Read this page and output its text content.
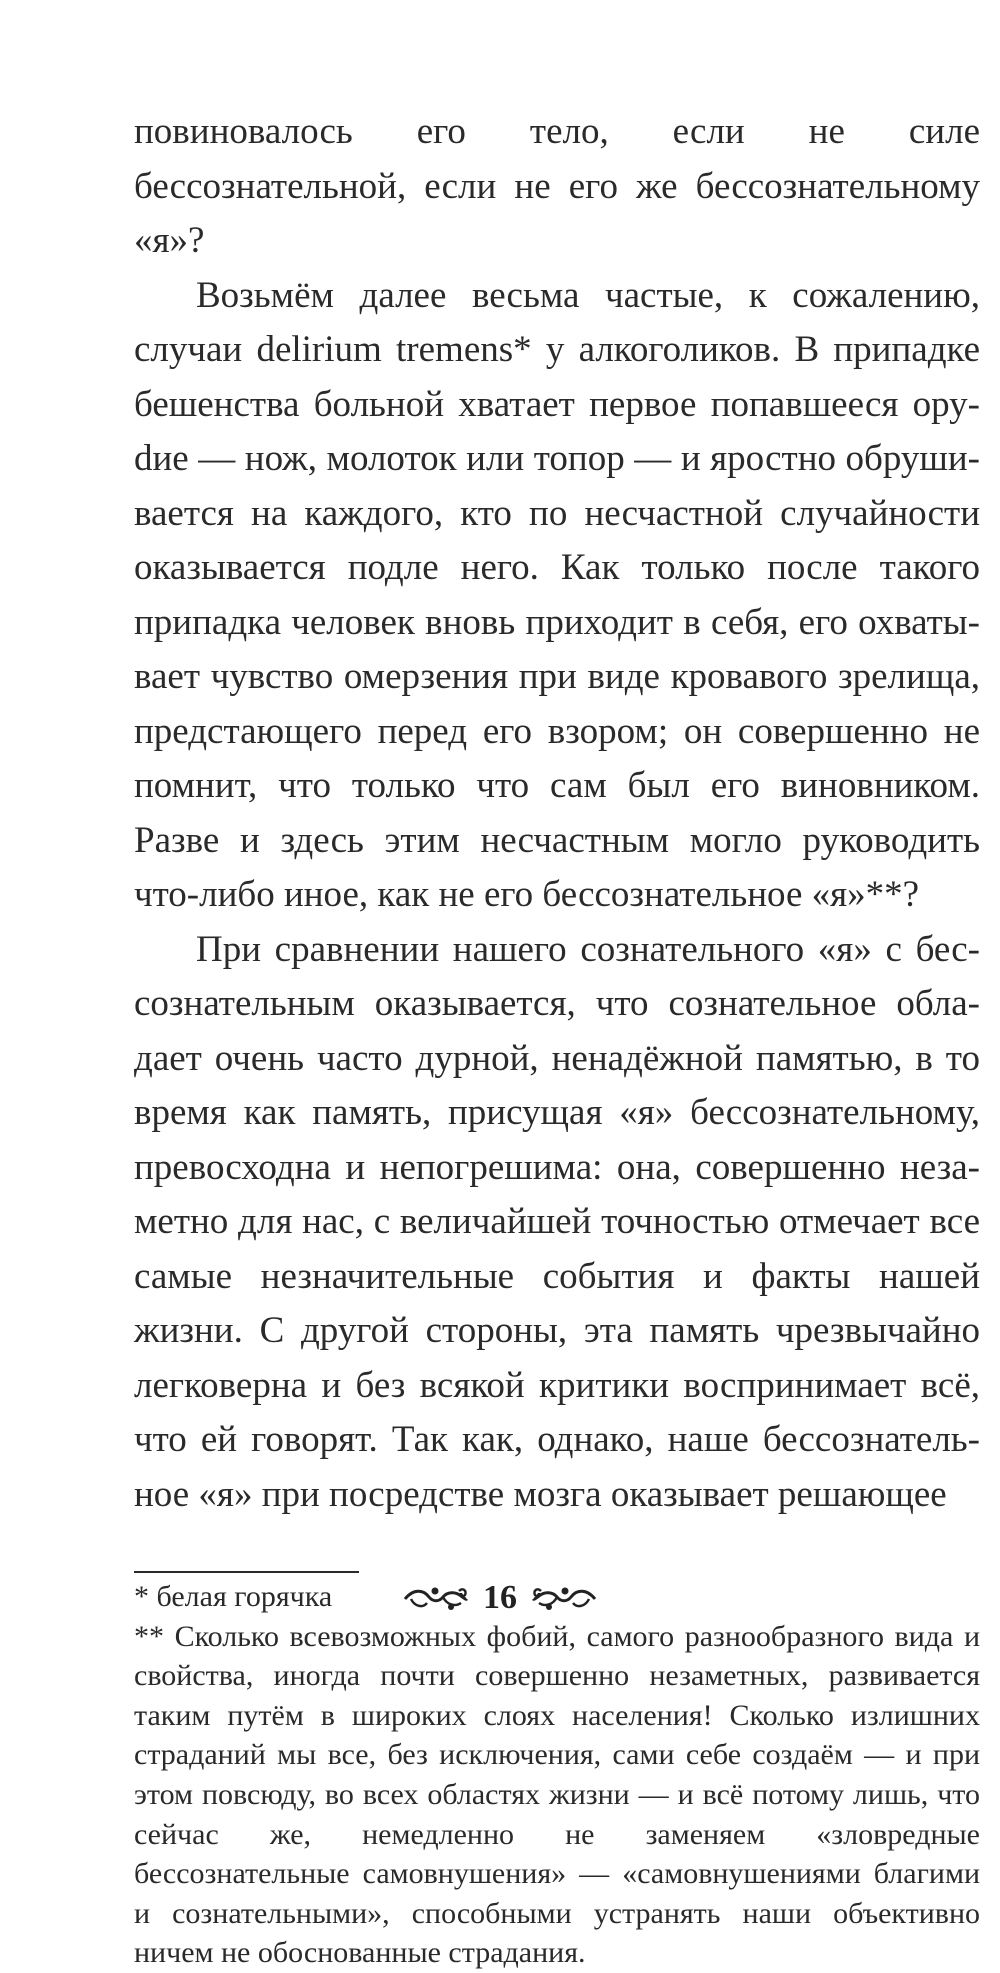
повиновалось его тело, если не силе бессознательной, если не его же бессознательному «я»?

Возьмём далее весьма частые, к сожалению, случаи delirium tremens* у алкоголиков. В припадке бешенства больной хватает первое попавшееся оруdие — нож, молоток или топор — и яростно обрушивается на каждого, кто по несчастной случайности оказывается подле него. Как только после такого припадка человек вновь приходит в себя, его охватывает чувство омерзения при виде кровавого зрелища, предстающего перед его взором; он совершенно не помнит, что только что сам был его виновником. Разве и здесь этим несчастным могло руководить что-либо иное, как не его бессознательное «я»**?

При сравнении нашего сознательного «я» с бессознательным оказывается, что сознательное обладает очень часто дурной, ненадёжной памятью, в то время как память, присущая «я» бессознательному, превосходна и непогрешима: она, совершенно незаметно для нас, с величайшей точностью отмечает все самые незначительные события и факты нашей жизни. С другой стороны, эта память чрезвычайно легковерна и без всякой критики воспринимает всё, что ей говорят. Так как, однако, наше бессознательное «я» при посредстве мозга оказывает решающее

* белая горячка

** Сколько всевозможных фобий, самого разнообразного вида и свойства, иногда почти совершенно незаметных, развивается таким путём в широких слоях населения! Сколько излишних страданий мы все, без исключения, сами себе создаём — и при этом повсюду, во всех областях жизни — и всё потому лишь, что сейчас же, немедленно не заменяем «зловредные бессознательные самовнушения» — «самовнушениями благими и сознательными», способными устранять наши объективно ничем не обоснованные страдания.

16
